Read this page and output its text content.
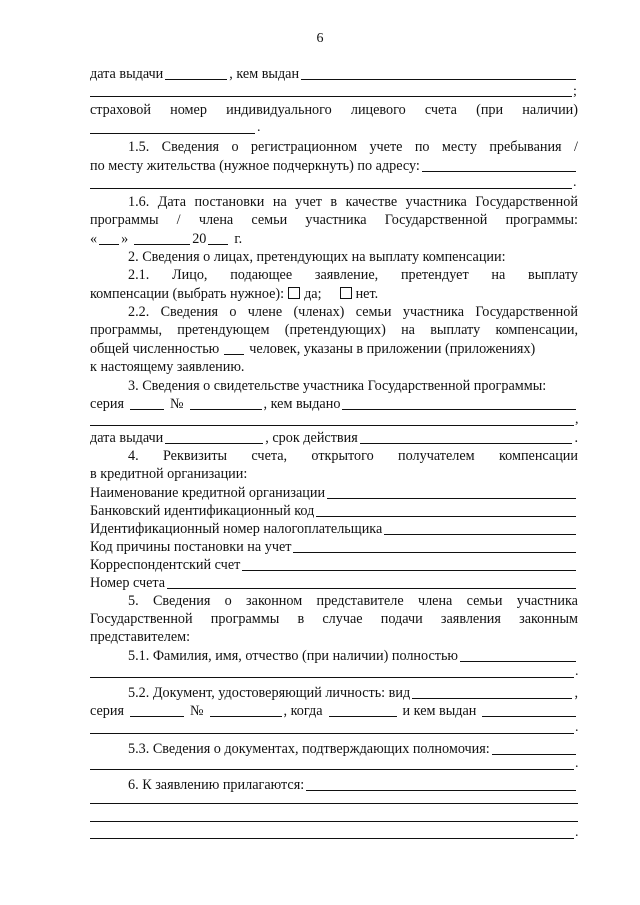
6
дата выдачи	, кем выдан
;
страховой номер индивидуального лицевого счета (при наличии)
.
1.5. Сведения о регистрационном учете по месту пребывания /
по месту жительства (нужное подчеркнуть) по адресу:
.
1.6. Дата постановки на учет в качестве участника Государственной
программы / члена семьи участника Государственной программы:
« »	20 г.
2. Сведения о лицах, претендующих на выплату компенсации:
2.1. Лицо, подающее заявление, претендует на выплату
компенсации (выбрать нужное): да; нет.
2.2. Сведения о члене (членах) семьи участника Государственной
программы, претендующем (претендующих) на выплату компенсации,
общей численностью человек, указаны в приложении (приложениях)
к настоящему заявлению.
3. Сведения о свидетельстве участника Государственной программы:
серия	№	, кем выдано
,
дата выдачи	, срок действия	.
4. Реквизиты счета, открытого получателем компенсации
в кредитной организации:
Наименование кредитной организации
Банковский идентификационный код
Идентификационный номер налогоплательщика
Код причины постановки на учет
Корреспондентский счет
Номер счета
5. Сведения о законном представителе члена семьи участника
Государственной программы в случае подачи заявления законным
представителем:
5.1. Фамилия, имя, отчество (при наличии) полностью
.
5.2. Документ, удостоверяющий личность: вид	,
серия	№	, когда	и кем выдан
.
5.3. Сведения о документах, подтверждающих полномочия:
.
6. К заявлению прилагаются:
.
